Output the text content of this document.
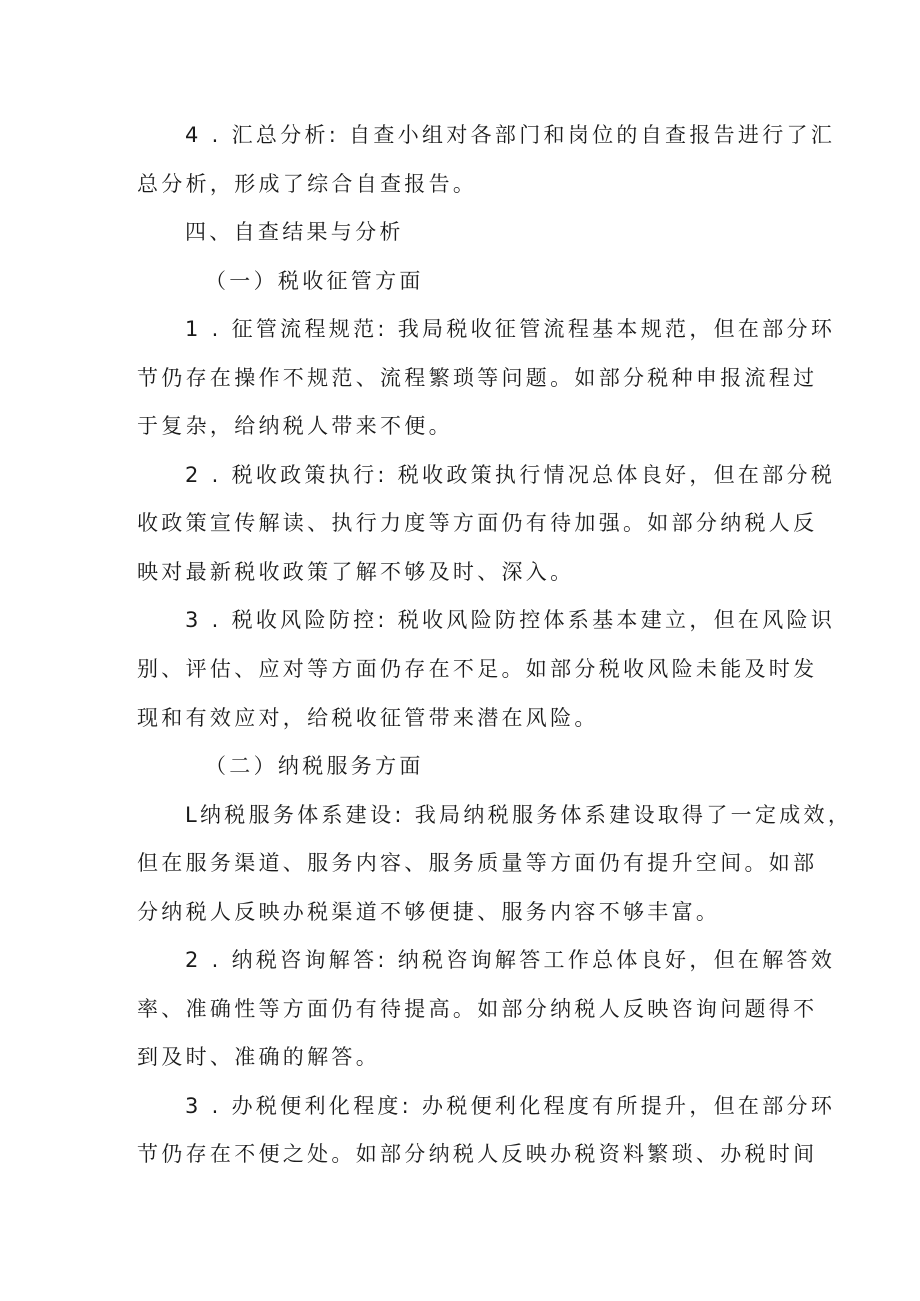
4 . 汇总分析: 自查小组对各部门和岗位的自查报告进行了汇
总分析，形成了综合自查报告。
四、自查结果与分析
（一）税收征管方面
1 . 征管流程规范: 我局税收征管流程基本规范，但在部分环
节仍存在操作不规范、流程繁琐等问题。如部分税种申报流程过
于复杂，给纳税人带来不便。
2 . 税收政策执行: 税收政策执行情况总体良好，但在部分税
收政策宣传解读、执行力度等方面仍有待加强。如部分纳税人反
映对最新税收政策了解不够及时、深入。
3 . 税收风险防控: 税收风险防控体系基本建立，但在风险识
别、评估、应对等方面仍存在不足。如部分税收风险未能及时发
现和有效应对，给税收征管带来潜在风险。
（二）纳税服务方面
L纳税服务体系建设: 我局纳税服务体系建设取得了一定成效，
但在服务渠道、服务内容、服务质量等方面仍有提升空间。如部
分纳税人反映办税渠道不够便捷、服务内容不够丰富。
2 . 纳税咨询解答: 纳税咨询解答工作总体良好，但在解答效
率、准确性等方面仍有待提高。如部分纳税人反映咨询问题得不
到及时、准确的解答。
3 . 办税便利化程度: 办税便利化程度有所提升，但在部分环
节仍存在不便之处。如部分纳税人反映办税资料繁琐、办税时间
